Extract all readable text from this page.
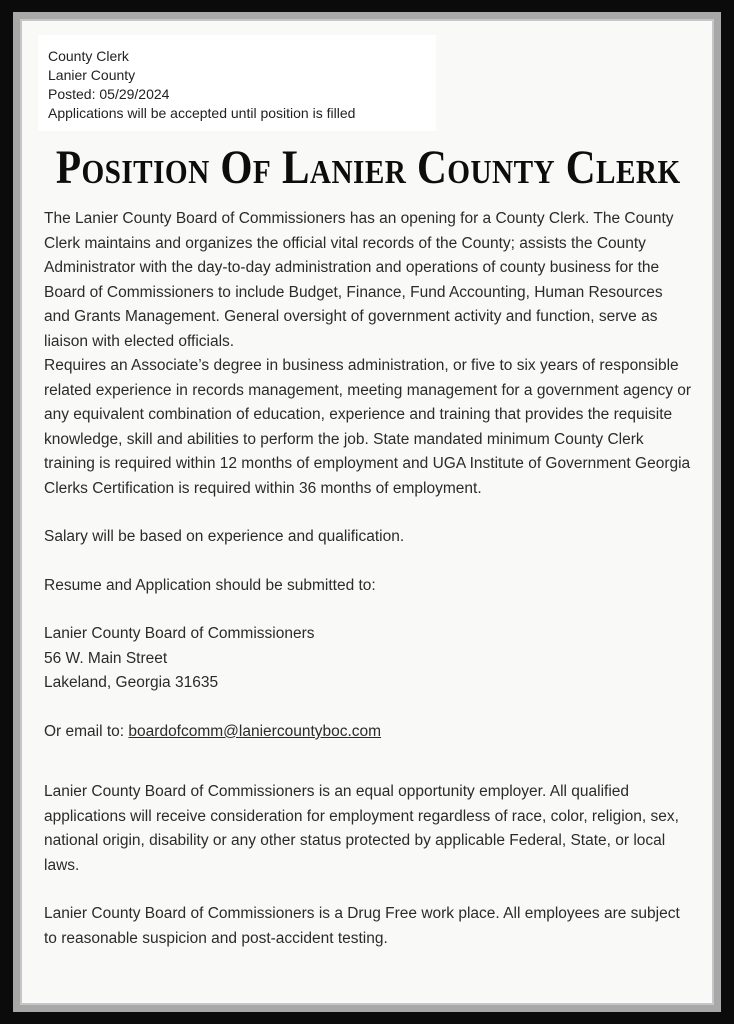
County Clerk
Lanier County
Posted: 05/29/2024
Applications will be accepted until position is filled
Position Of Lanier County Clerk

The Lanier County Board of Commissioners has an opening for a County Clerk. The County Clerk maintains and organizes the official vital records of the County; assists the County Administrator with the day-to-day administration and operations of county business for the Board of Commissioners to include Budget, Finance, Fund Accounting, Human Resources and Grants Management. General oversight of government activity and function, serve as liaison with elected officials.

Requires an Associate’s degree in business administration, or five to six years of responsible related experience in records management, meeting management for a government agency or any equivalent combination of education, experience and training that provides the requisite knowledge, skill and abilities to perform the job. State mandated minimum County Clerk training is required within 12 months of employment and UGA Institute of Government Georgia Clerks Certification is required within 36 months of employment.

Salary will be based on experience and qualification.

Resume and Application should be submitted to:

Lanier County Board of Commissioners
56 W. Main Street
Lakeland, Georgia 31635

Or email to: boardofcomm@laniercountyboc.com

Lanier County Board of Commissioners is an equal opportunity employer. All qualified applications will receive consideration for employment regardless of race, color, religion, sex, national origin, disability or any other status protected by applicable Federal, State, or local laws.

Lanier County Board of Commissioners is a Drug Free work place. All employees are subject to reasonable suspicion and post-accident testing.
